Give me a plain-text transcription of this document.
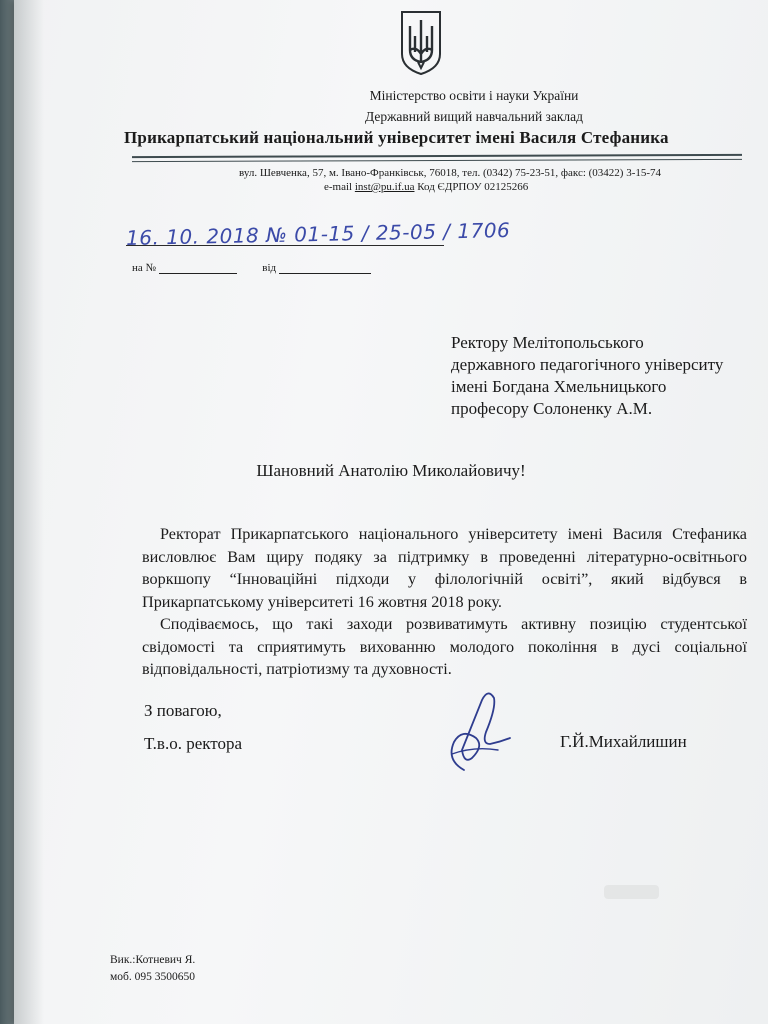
Міністерство освіти і науки України
Державний вищий навчальний заклад
Прикарпатський національний університет імені Василя Стефаника
вул. Шевченка, 57, м. Івано-Франківськ, 76018, тел. (0342) 75-23-51, факс: (03422) 3-15-74
e-mail inst@pu.if.ua Код ЄДРПОУ 02125266
16. 10. 2018 № 01-15 / 25-05 / 1706
на №	від
Ректору Мелітопольського
державного педагогічного університу
імені Богдана Хмельницького
професору Солоненку А.М.
Шановний Анатолію Миколайовичу!

Ректорат Прикарпатського національного університету імені Василя Стефаника висловлює Вам щиру подяку за підтримку в проведенні літературно-освітнього воркшопу “Інноваційні підходи у філологічній освіті”, який відбувся в Прикарпатському університеті 16 жовтня 2018 року.

Сподіваємось, що такі заходи розвиватимуть активну позицію студентської свідомості та сприятимуть вихованню молодого покоління в дусі соціальної відповідальності, патріотизму та духовності.

З повагою,
Т.в.о. ректора	Г.Й.Михайлишин
Вик.:Котневич Я.
моб. 095 3500650
